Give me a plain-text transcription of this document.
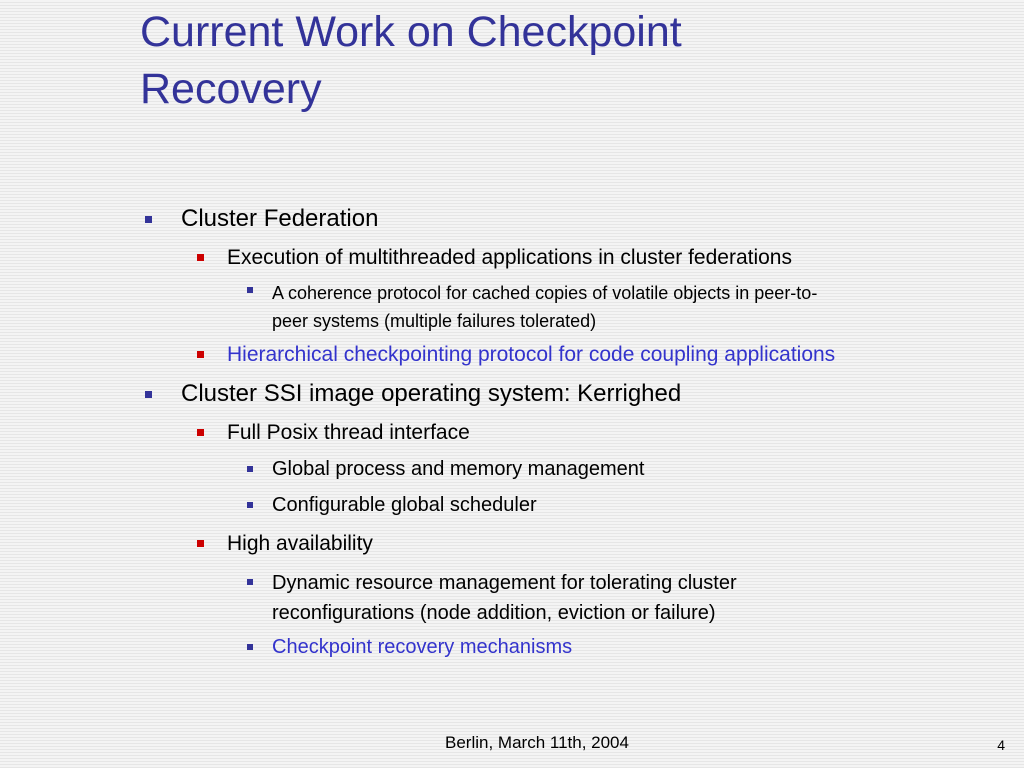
Current Work on Checkpoint
Recovery
Cluster Federation
Execution of multithreaded applications in cluster federations
A coherence protocol for cached copies of volatile objects in peer-to-
peer systems (multiple failures tolerated)
Hierarchical checkpointing protocol for code coupling applications
Cluster SSI image operating system: Kerrighed
Full Posix thread interface
Global process and memory management
Configurable global scheduler
High availability
Dynamic resource management for tolerating cluster
reconfigurations (node addition, eviction or failure)
Checkpoint recovery mechanisms
Berlin, March 11th, 2004	4
